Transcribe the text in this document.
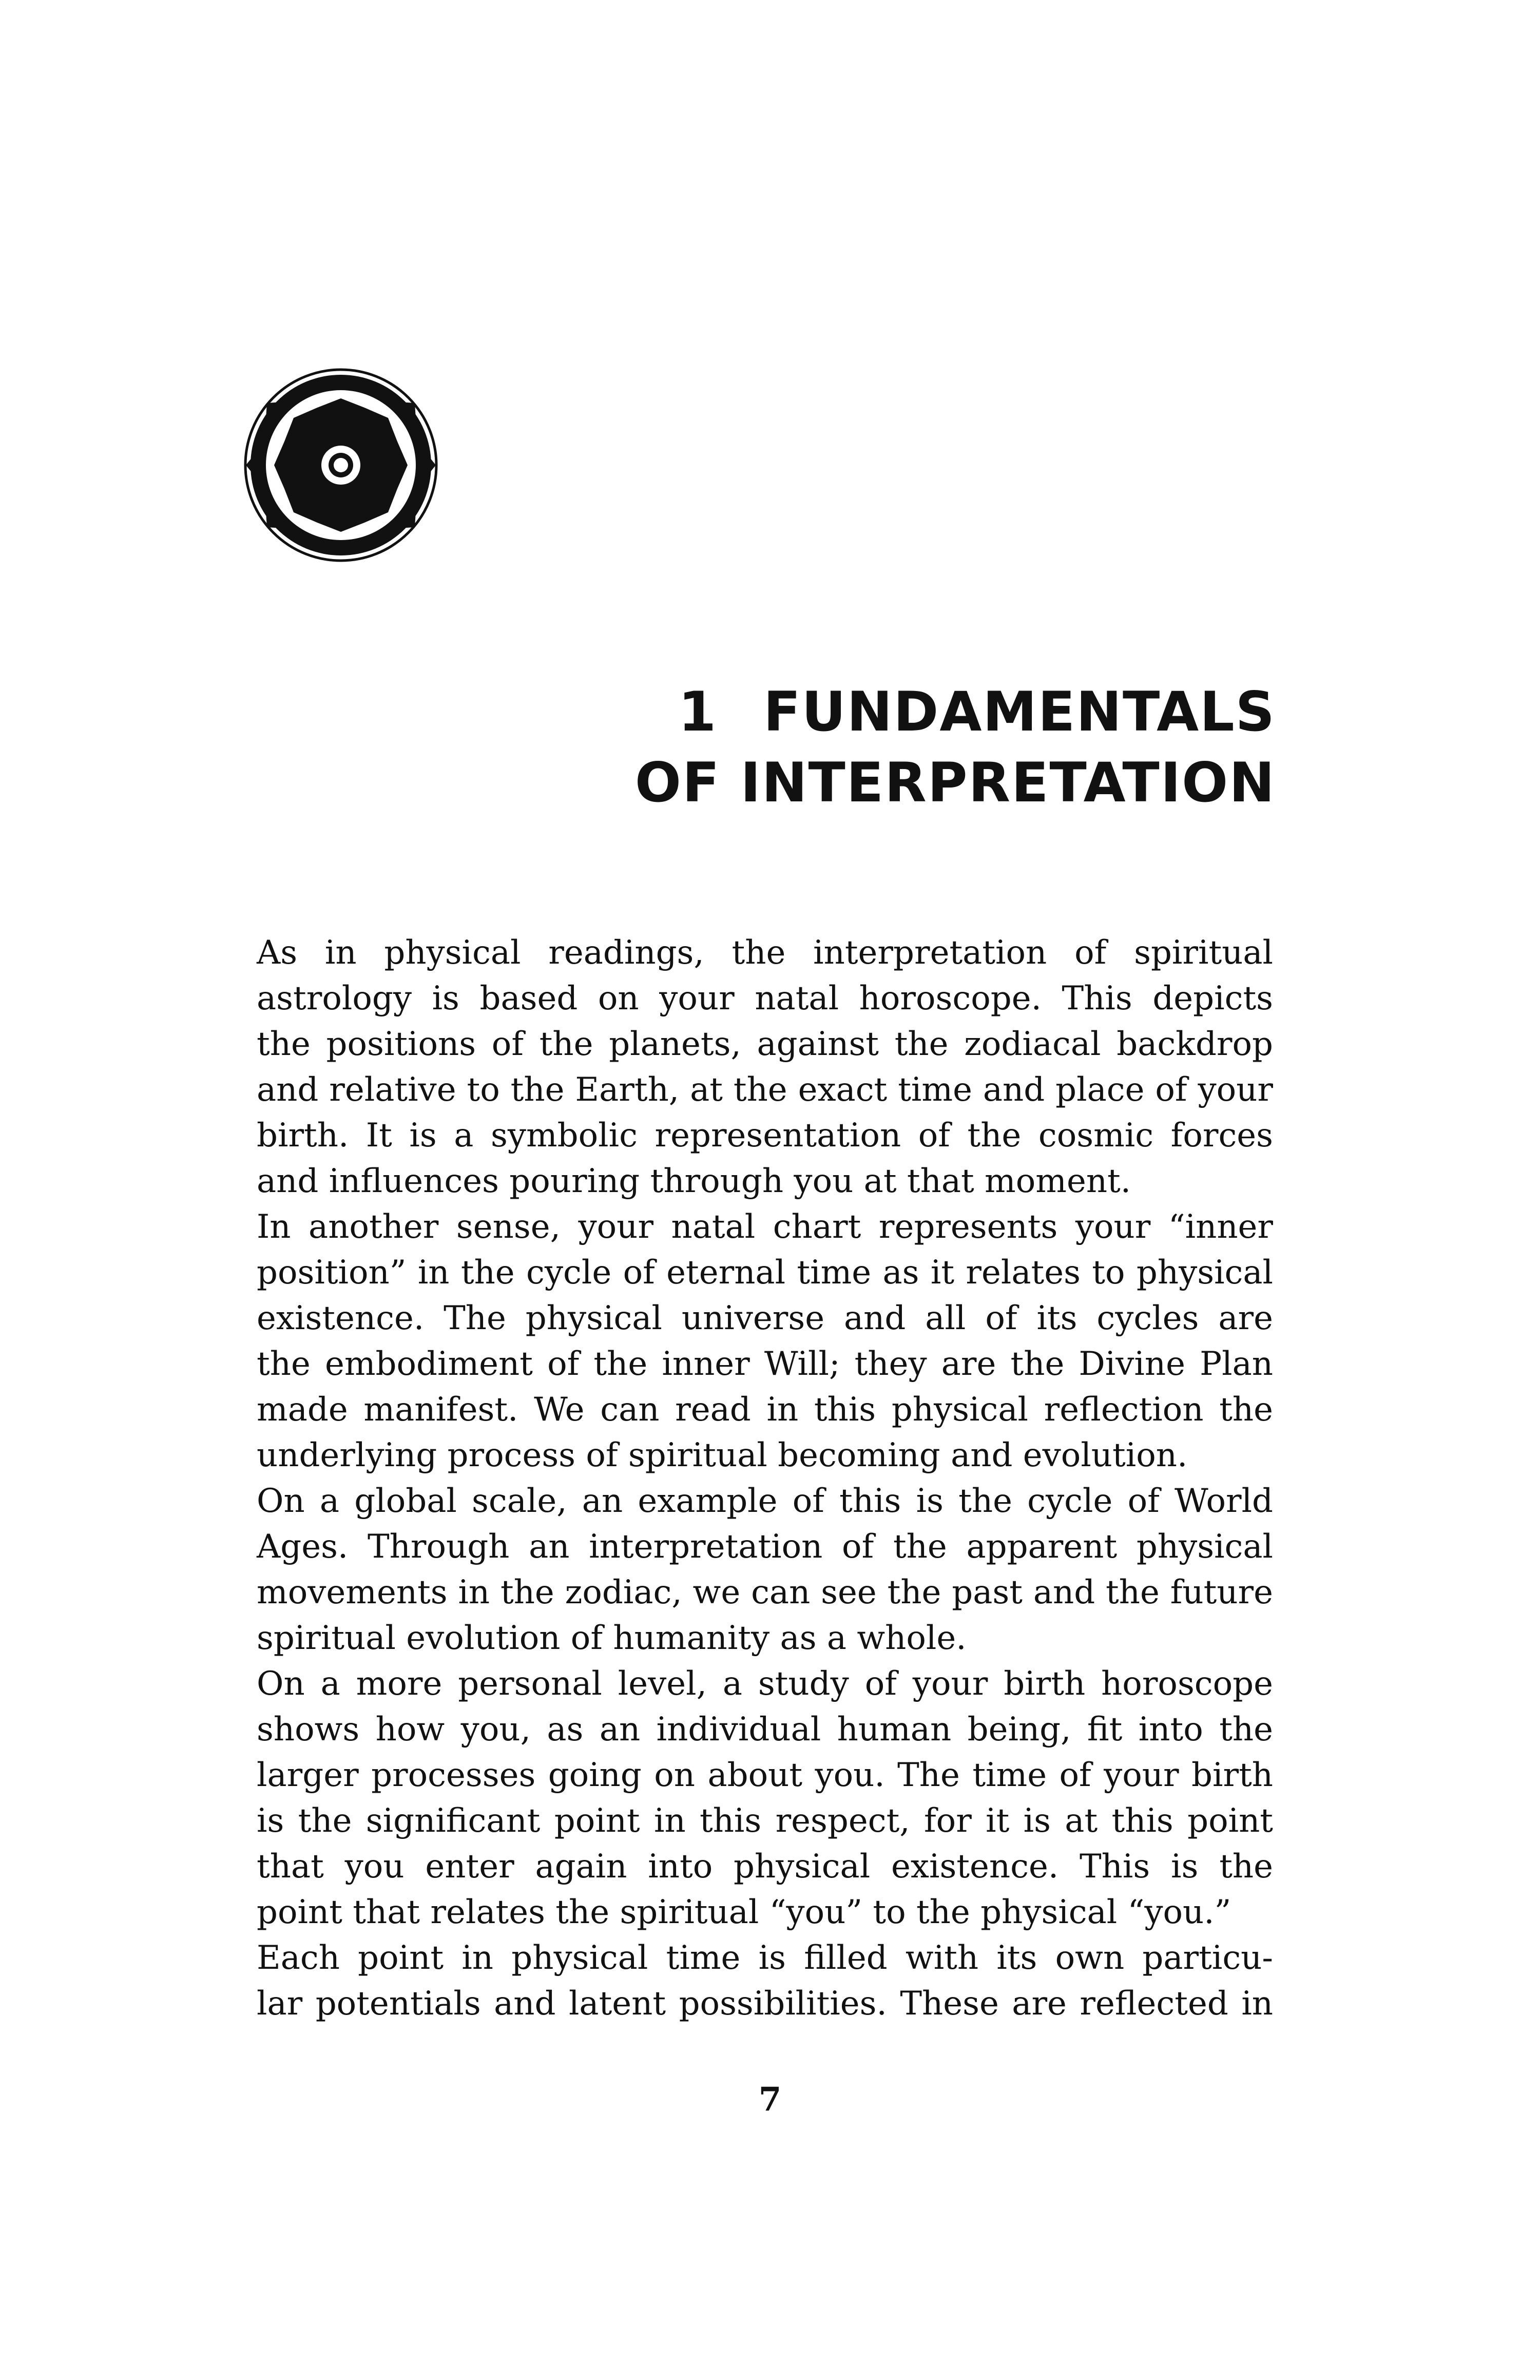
1 FUNDAMENTALS
OF INTERPRETATION
As in physical readings, the interpretation of spiritual
astrology is based on your natal horoscope. This depicts
the positions of the planets, against the zodiacal backdrop
and relative to the Earth, at the exact time and place of your
birth. It is a symbolic representation of the cosmic forces
and influences pouring through you at that moment.
In another sense, your natal chart represents your “inner
position” in the cycle of eternal time as it relates to physical
existence. The physical universe and all of its cycles are
the embodiment of the inner Will; they are the Divine Plan
made manifest. We can read in this physical reflection the
underlying process of spiritual becoming and evolution.
On a global scale, an example of this is the cycle of World
Ages. Through an interpretation of the apparent physical
movements in the zodiac, we can see the past and the future
spiritual evolution of humanity as a whole.
On a more personal level, a study of your birth horoscope
shows how you, as an individual human being, fit into the
larger processes going on about you. The time of your birth
is the significant point in this respect, for it is at this point
that you enter again into physical existence. This is the
point that relates the spiritual “you” to the physical “you.”
Each point in physical time is filled with its own particu-
lar potentials and latent possibilities. These are reflected in
7
